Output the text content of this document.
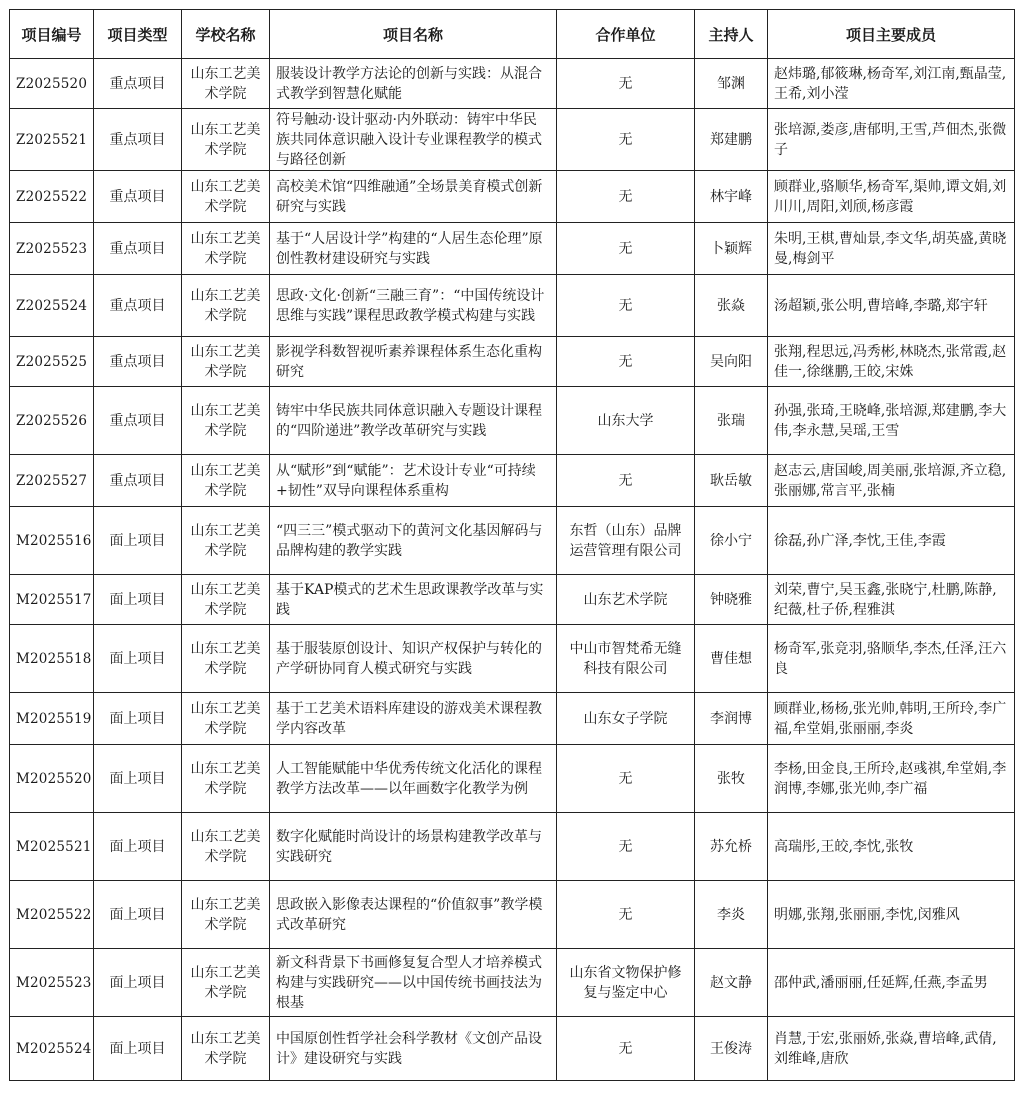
项目编号	项目类型	学校名称	项目名称	合作单位	主持人	项目主要成员
Z2025520	重点项目	山东工艺美术学院	服装设计教学方法论的创新与实践：从混合式教学到智慧化赋能	无	邹渊	赵炜璐,郁筱琳,杨奇军,刘江南,甄晶莹,王希,刘小滢
Z2025521	重点项目	山东工艺美术学院	符号触动·设计驱动·内外联动：铸牢中华民族共同体意识融入设计专业课程教学的模式与路径创新	无	郑建鹏	张培源,娄彦,唐郁明,王雪,芦佃杰,张微子
Z2025522	重点项目	山东工艺美术学院	高校美术馆“四维融通”全场景美育模式创新研究与实践	无	林宇峰	顾群业,骆顺华,杨奇军,渠帅,谭文娟,刘川川,周阳,刘颀,杨彦霞
Z2025523	重点项目	山东工艺美术学院	基于“人居设计学”构建的“人居生态伦理”原创性教材建设研究与实践	无	卜颖辉	朱明,王棋,曹灿景,李文华,胡英盛,黄晓曼,梅剑平
Z2025524	重点项目	山东工艺美术学院	思政·文化·创新“三融三育”：“中国传统设计思维与实践”课程思政教学模式构建与实践	无	张焱	汤超颖,张公明,曹培峰,李璐,郑宇轩
Z2025525	重点项目	山东工艺美术学院	影视学科数智视听素养课程体系生态化重构研究	无	吴向阳	张翔,程思远,冯秀彬,林晓杰,张常霞,赵佳一,徐继鹏,王皎,宋姝
Z2025526	重点项目	山东工艺美术学院	铸牢中华民族共同体意识融入专题设计课程的“四阶递进”教学改革研究与实践	山东大学	张瑞	孙强,张琦,王晓峰,张培源,郑建鹏,李大伟,李永慧,吴瑶,王雪
Z2025527	重点项目	山东工艺美术学院	从“赋形”到“赋能”：艺术设计专业“可持续+韧性”双导向课程体系重构	无	耿岳敏	赵志云,唐国峻,周美丽,张培源,齐立稳,张丽娜,常言平,张楠
M2025516	面上项目	山东工艺美术学院	“四三三”模式驱动下的黄河文化基因解码与品牌构建的教学实践	东哲（山东）品牌运营管理有限公司	徐小宁	徐磊,孙广泽,李忱,王佳,李霞
M2025517	面上项目	山东工艺美术学院	基于KAP模式的艺术生思政课教学改革与实践	山东艺术学院	钟晓雅	刘荣,曹宁,吴玉鑫,张晓宁,杜鹏,陈静,纪薇,杜子侨,程雅淇
M2025518	面上项目	山东工艺美术学院	基于服装原创设计、知识产权保护与转化的产学研协同育人模式研究与实践	中山市智梵希无缝科技有限公司	曹佳想	杨奇军,张竞羽,骆顺华,李杰,任泽,汪六良
M2025519	面上项目	山东工艺美术学院	基于工艺美术语料库建设的游戏美术课程教学内容改革	山东女子学院	李润博	顾群业,杨杨,张光帅,韩明,王所玲,李广福,牟堂娟,张丽丽,李炎
M2025520	面上项目	山东工艺美术学院	人工智能赋能中华优秀传统文化活化的课程教学方法改革——以年画数字化教学为例	无	张牧	李杨,田金良,王所玲,赵彧祺,牟堂娟,李润博,李娜,张光帅,李广福
M2025521	面上项目	山东工艺美术学院	数字化赋能时尚设计的场景构建教学改革与实践研究	无	苏允桥	高瑞彤,王皎,李忱,张牧
M2025522	面上项目	山东工艺美术学院	思政嵌入影像表达课程的“价值叙事”教学模式改革研究	无	李炎	明娜,张翔,张丽丽,李忱,闵雅风
M2025523	面上项目	山东工艺美术学院	新文科背景下书画修复复合型人才培养模式构建与实践研究——以中国传统书画技法为根基	山东省文物保护修复与鉴定中心	赵文静	邵仲武,潘丽丽,任延辉,任燕,李孟男
M2025524	面上项目	山东工艺美术学院	中国原创性哲学社会科学教材《文创产品设计》建设研究与实践	无	王俊涛	肖慧,于宏,张丽娇,张焱,曹培峰,武倩,刘维峰,唐欣
